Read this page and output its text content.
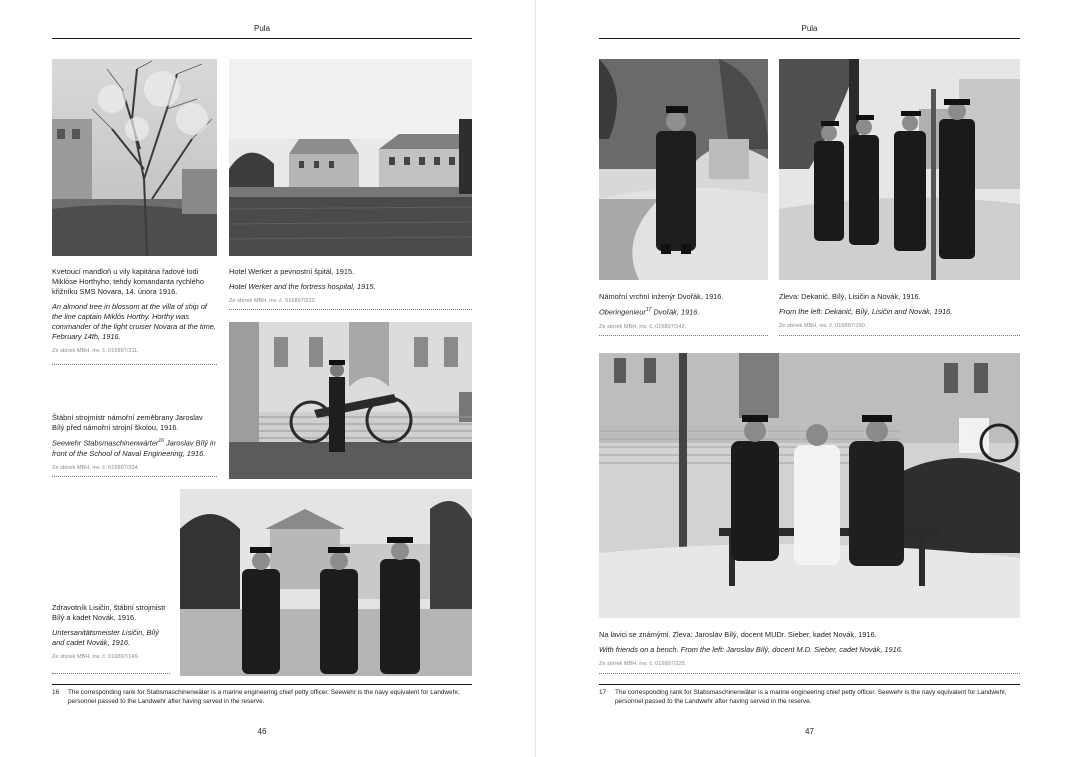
Pula
Kvetoucí mandloň u vily kapitána řadové lodi Miklóse Horthyho, tehdy komandanta rychlého křižníku SMS Novara, 14. února 1916.
An almond tree in blossom at the villa of ship of the line captain Miklós Horthy. Horthy was commander of the light cruiser Novara at the time, February 14th, 1916.
Ze sbírek MBH, inv. č. 016897/211.
Hotel Werker a pevnostní špitál, 1915.
Hotel Werker and the fortress hospital, 1915.
Ze sbírek MBH, inv. č. 016897/222.
Štábní strojmistr námořní zeměbrany Jaroslav Bílý před námořní strojní školou, 1916.
Seewehr Stabsmaschinenwärter$^{16}$ Jaroslav Bílý in front of the School of Naval Engineering, 1916.
Ze sbírek MBH, inv. č. 016897/334.
Zdravotník Lisičin, štábní strojmistr Bílý a kadet Novák, 1916.
Untersanitätsmeister Lisičin, Bílý and cadet Novák, 1916.
Ze sbírek MBH, inv. č. 016897/149.
16	The corresponding rank for Stabsmaschinenwäter is a marine engineering chief petty officer. Seewehr is the navy equivalent for Landwehr, personnel passed to the Landwehr after having served in the reserve.
46
Pula
Námořní vrchní inženýr Dvořák, 1916.
Oberingenieur$^{17}$ Dvořák, 1916.
Ze sbírek MBH, inv. č. 016897/142.
Zleva: Dekanić, Bílý, Lisičin a Novák, 1916.
From the left: Dekanić, Bílý, Lisičin and Novák, 1916.
Ze sbírek MBH, inv. č. 016897/150.
Na lavici se známými. Zleva: Jaroslav Bílý, docent MUDr. Sieber, kadet Novák, 1916.
With friends on a bench. From the left: Jaroslav Bílý, docent M.D. Sieber, cadet Novák, 1916.
Ze sbírek MBH, inv. č. 016897/325.
17	The corresponding rank for Stabsmaschinenwäter is a marine engineering chief petty officer. Seewehr is the navy equivalent for Landwehr, personnel passed to the Landwehr after having served in the reserve.
47
